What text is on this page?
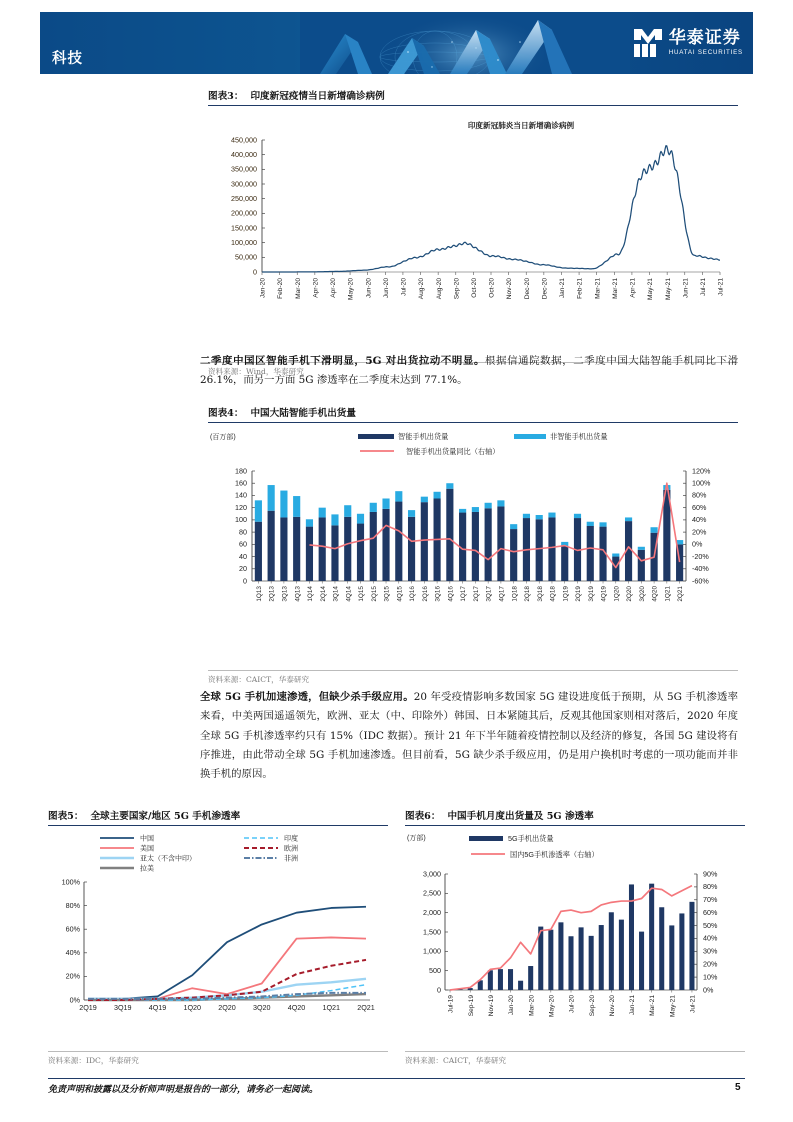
科技
华泰证券
HUATAI SECURITIES
图表3： 印度新冠疫情当日新增确诊病例
印度新冠肺炎当日新增确诊病例
450,000
400,000
350,000
300,000
250,000
200,000
150,000
100,000
50,000
0
Jan-20 Feb-20 Mar-20 Apr-20 Apr-20 May-20 Jun-20 Jun-20 Jul-20 Aug-20 Aug-20 Sep-20 Oct-20 Oct-20 Nov-20 Dec-20 Dec-20 Jan-21 Feb-21 Mar-21 Mar-21 Apr-21 May-21 May-21 Jun-21 Jul-21 Jul-21
资料来源：Wind，华泰研究
二季度中国区智能手机下滑明显，5G 对出货拉动不明显。根据信通院数据，二季度中国大陆智能手机同比下滑 26.1%，而另一方面 5G 渗透率在二季度末达到 77.1%。
图表4： 中国大陆智能手机出货量
(百万部)	智能手机出货量	非智能手机出货量
智能手机出货量同比（右轴）
0
20
40
60
80
100
120
140
160
180
-60%
-40%
-20%
0%
20%
40%
60%
80%
100%
120%
1Q13 2Q13 3Q13 4Q13 1Q14 2Q14 3Q14 4Q14 1Q15 2Q15 3Q15 4Q15 1Q16 2Q16 3Q16 4Q16 1Q17 2Q17 3Q17 4Q17 1Q18 2Q18 3Q18 4Q18 1Q19 2Q19 3Q19 4Q19 1Q20 2Q20 3Q20 4Q20 1Q21 2Q21
资料来源：CAICT，华泰研究
全球 5G 手机加速渗透，但缺少杀手级应用。20 年受疫情影响多数国家 5G 建设进度低于预期，从 5G 手机渗透率来看，中美两国遥遥领先，欧洲、亚太（中、印除外）韩国、日本紧随其后，反观其他国家则相对落后，2020 年度全球 5G 手机渗透率约只有 15%（IDC 数据）。预计 21 年下半年随着疫情控制以及经济的修复，各国 5G 建设将有序推进，由此带动全球 5G 手机加速渗透。但目前看，5G 缺少杀手级应用，仍是用户换机时考虑的一项功能而并非换手机的原因。
图表5： 全球主要国家/地区 5G 手机渗透率
中国
美国
亚太（不含中印）
拉美
印度
欧洲
非洲
0%
20%
40%
60%
80%
100%
2Q19 3Q19 4Q19 1Q20 2Q20 3Q20 4Q20 1Q21 2Q21
资料来源：IDC，华泰研究
图表6： 中国手机月度出货量及 5G 渗透率
(万部)	5G手机出货量
国内5G手机渗透率（右轴）
0
500
1,000
1,500
2,000
2,500
3,000
0%
10%
20%
30%
40%
50%
60%
70%
80%
90%
Jul-19 Sep-19 Nov-19 Jan-20 Mar-20 May-20 Jul-20 Sep-20 Nov-20 Jan-21 Mar-21 May-21 Jul-21
资料来源：CAICT，华泰研究
免责声明和披露以及分析师声明是报告的一部分，请务必一起阅读。	5
